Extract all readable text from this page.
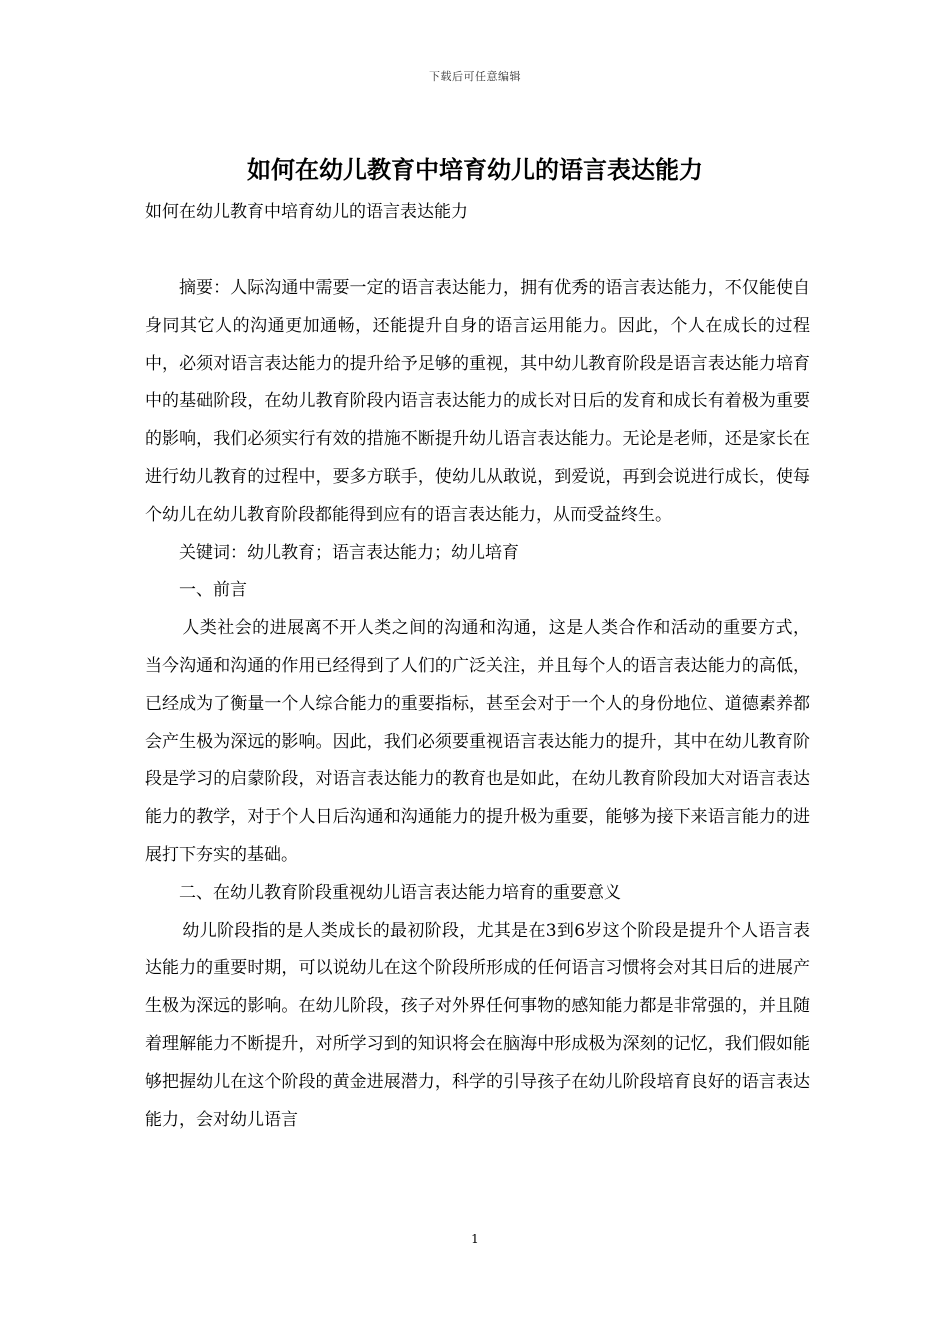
下载后可任意编辑
如何在幼儿教育中培育幼儿的语言表达能力

如何在幼儿教育中培育幼儿的语言表达能力

摘要：人际沟通中需要一定的语言表达能力，拥有优秀的语言表达能力，不仅能使自身同其它人的沟通更加通畅，还能提升自身的语言运用能力。因此，个人在成长的过程中，必须对语言表达能力的提升给予足够的重视，其中幼儿教育阶段是语言表达能力培育中的基础阶段，在幼儿教育阶段内语言表达能力的成长对日后的发育和成长有着极为重要的影响，我们必须实行有效的措施不断提升幼儿语言表达能力。无论是老师，还是家长在进行幼儿教育的过程中，要多方联手，使幼儿从敢说，到爱说，再到会说进行成长，使每个幼儿在幼儿教育阶段都能得到应有的语言表达能力，从而受益终生。

关键词：幼儿教育；语言表达能力；幼儿培育

一、前言

人类社会的进展离不开人类之间的沟通和沟通，这是人类合作和活动的重要方式，当今沟通和沟通的作用已经得到了人们的广泛关注，并且每个人的语言表达能力的高低，已经成为了衡量一个人综合能力的重要指标，甚至会对于一个人的身份地位、道德素养都会产生极为深远的影响。因此，我们必须要重视语言表达能力的提升，其中在幼儿教育阶段是学习的启蒙阶段，对语言表达能力的教育也是如此，在幼儿教育阶段加大对语言表达能力的教学，对于个人日后沟通和沟通能力的提升极为重要，能够为接下来语言能力的进展打下夯实的基础。

二、在幼儿教育阶段重视幼儿语言表达能力培育的重要意义

幼儿阶段指的是人类成长的最初阶段，尤其是在3到6岁这个阶段是提升个人语言表达能力的重要时期，可以说幼儿在这个阶段所形成的任何语言习惯将会对其日后的进展产生极为深远的影响。在幼儿阶段，孩子对外界任何事物的感知能力都是非常强的，并且随着理解能力不断提升，对所学习到的知识将会在脑海中形成极为深刻的记忆，我们假如能够把握幼儿在这个阶段的黄金进展潜力，科学的引导孩子在幼儿阶段培育良好的语言表达能力，会对幼儿语言

1
